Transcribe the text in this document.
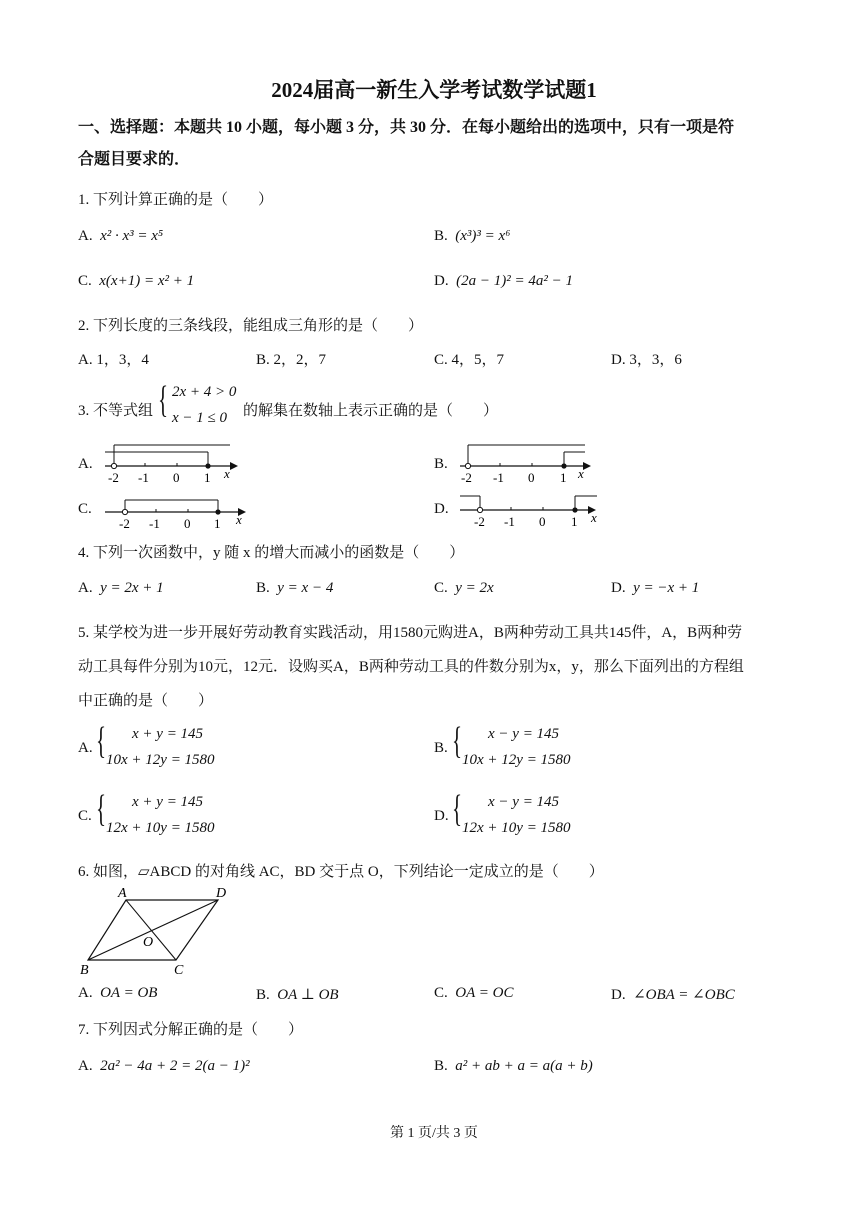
2024届高一新生入学考试数学试题1
一、选择题：本题共 10 小题，每小题 3 分，共 30 分．在每小题给出的选项中，只有一项是符
合题目要求的．
1. 下列计算正确的是（　　）
A. x² · x³ = x⁵	B. (x³)³ = x⁶
C. x(x+1) = x² + 1	D. (2a − 1)² = 4a² − 1
2. 下列长度的三条线段，能组成三角形的是（　　）
A. 1，3，4	B. 2，2，7	C. 4，5，7	D. 3，3，6
3. 不等式组 { 2x + 4 > 0
x − 1 ≤ 0 的解集在数轴上表示正确的是（　　）
A.	B.
C.	D.
-2 -1 0 1 x	-2 -1 0 1 x
-2 -1 0 1 x	-2 -1 0 1 x
4. 下列一次函数中，y 随 x 的增大而减小的函数是（　　）
A. y = 2x + 1	B. y = x − 4	C. y = 2x	D. y = −x + 1
5. 某学校为进一步开展好劳动教育实践活动，用1580元购进A，B两种劳动工具共145件，A，B两种劳
动工具每件分别为10元，12元．设购买A，B两种劳动工具的件数分别为x，y，那么下面列出的方程组
中正确的是（　　）
A. { x + y = 145
10x + 12y = 1580
B. { x − y = 145
10x + 12y = 1580
C. { x + y = 145
12x + 10y = 1580
D. { x − y = 145
12x + 10y = 1580
6. 如图，▱ABCD 的对角线 AC，BD 交于点 O，下列结论一定成立的是（　　）
A	D
B	C
O
A. OA = OB	B. OA ⊥ OB	C. OA = OC	D. ∠OBA = ∠OBC
7. 下列因式分解正确的是（　　）
A. 2a² − 4a + 2 = 2(a − 1)²	B. a² + ab + a = a(a + b)
第 1 页/共 3 页
